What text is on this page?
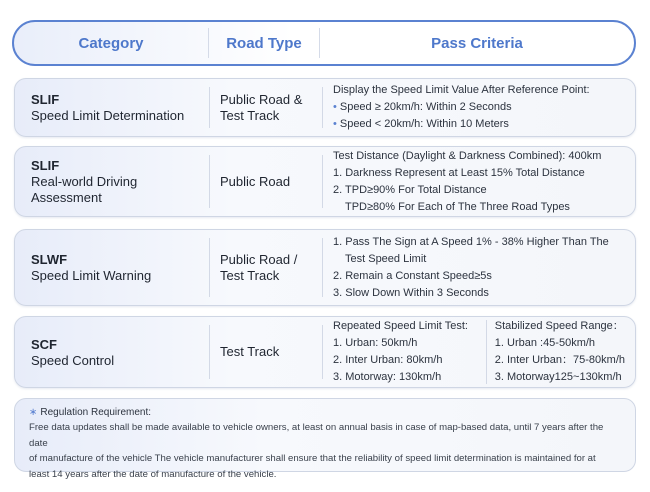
Category	Road Type	Pass Criteria
SLIF
Speed Limit Determination
Public Road &
Test Track
Display the Speed Limit Value After Reference Point:
• Speed ≥ 20km/h: Within 2 Seconds
• Speed < 20km/h: Within 10 Meters
SLIF
Real-world Driving
Assessment
Public Road
Test Distance (Daylight & Darkness Combined): 400km
1. Darkness Represent at Least 15% Total Distance
2. TPD≥90% For Total Distance
TPD≥80% For Each of The Three Road Types
SLWF
Speed Limit Warning
Public Road /
Test Track
1. Pass The Sign at A Speed 1% - 38% Higher Than The
Test Speed Limit
2. Remain a Constant Speed≥5s
3. Slow Down Within 3 Seconds
SCF
Speed Control
Test Track
Repeated Speed Limit Test:
1. Urban: 50km/h
2. Inter Urban: 80km/h
3. Motorway: 130km/h
Stabilized Speed Range：
1. Urban :45-50km/h
2. Inter Urban：75-80km/h
3. Motorway125~130km/h
∗ Regulation Requirement:
Free data updates shall be made available to vehicle owners, at least on annual basis in case of map-based data, until 7 years after the date
of manufacture of the vehicle The vehicle manufacturer shall ensure that the reliability of speed limit determination is maintained for at
least 14 years after the date of manufacture of the vehicle.
